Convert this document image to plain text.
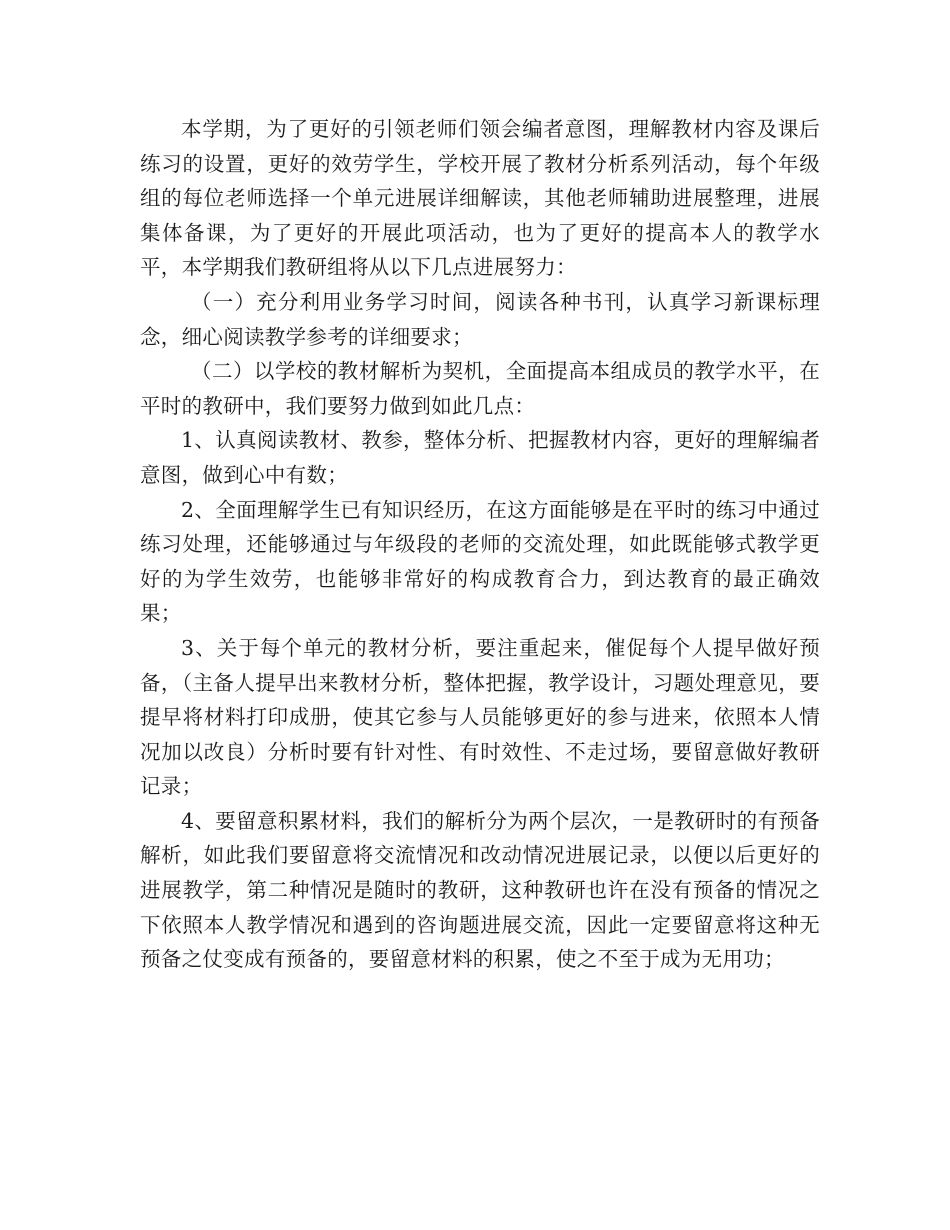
本学期，为了更好的引领老师们领会编者意图，理解教材内容及课后练习的设置，更好的效劳学生，学校开展了教材分析系列活动，每个年级组的每位老师选择一个单元进展详细解读，其他老师辅助进展整理，进展集体备课，为了更好的开展此项活动，也为了更好的提高本人的教学水平，本学期我们教研组将从以下几点进展努力：

（一）充分利用业务学习时间，阅读各种书刊，认真学习新课标理念，细心阅读教学参考的详细要求；

（二）以学校的教材解析为契机，全面提高本组成员的教学水平，在平时的教研中，我们要努力做到如此几点：

1、认真阅读教材、教参，整体分析、把握教材内容，更好的理解编者意图，做到心中有数；

2、全面理解学生已有知识经历，在这方面能够是在平时的练习中通过练习处理，还能够通过与年级段的老师的交流处理，如此既能够式教学更好的为学生效劳，也能够非常好的构成教育合力，到达教育的最正确效果；

3、关于每个单元的教材分析，要注重起来，催促每个人提早做好预备，（主备人提早出来教材分析，整体把握，教学设计，习题处理意见，要提早将材料打印成册，使其它参与人员能够更好的参与进来，依照本人情况加以改良）分析时要有针对性、有时效性、不走过场，要留意做好教研记录；

4、要留意积累材料，我们的解析分为两个层次，一是教研时的有预备解析，如此我们要留意将交流情况和改动情况进展记录，以便以后更好的进展教学，第二种情况是随时的教研，这种教研也许在没有预备的情况之下依照本人教学情况和遇到的咨询题进展交流，因此一定要留意将这种无预备之仗变成有预备的，要留意材料的积累，使之不至于成为无用功；
